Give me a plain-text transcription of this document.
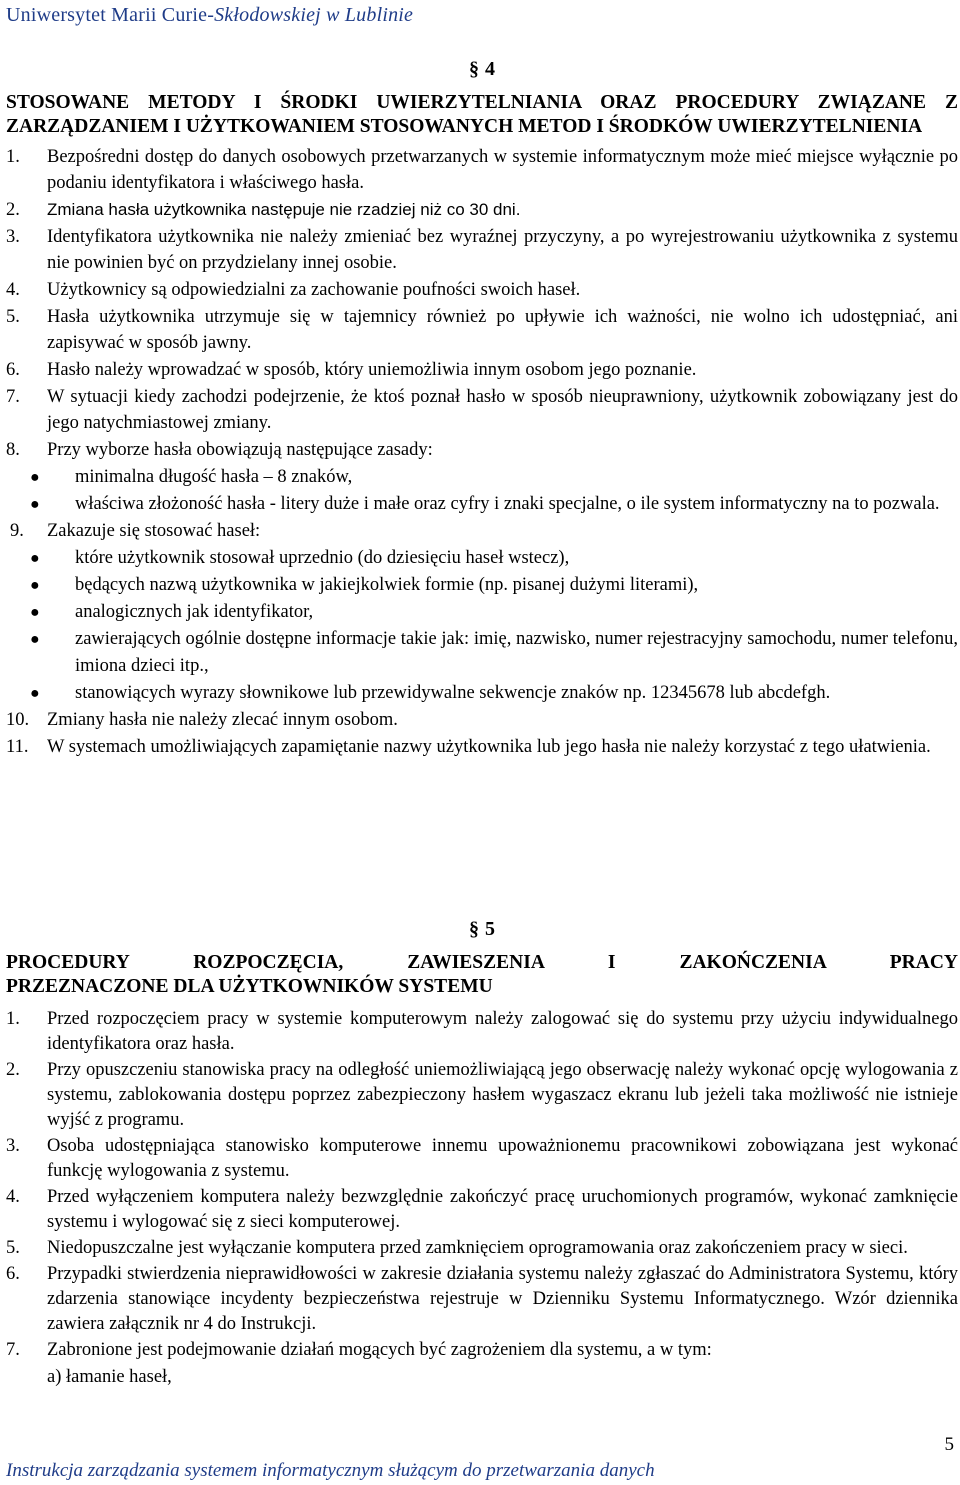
Uniwersytet Marii Curie-Skłodowskiej w Lublinie
§ 4
STOSOWANE METODY I ŚRODKI UWIERZYTELNIANIA ORAZ PROCEDURY ZWIĄZANE Z ZARZĄDZANIEM I UŻYTKOWANIEM STOSOWANYCH METOD I ŚRODKÓW UWIERZYTELNIENIA
1. Bezpośredni dostęp do danych osobowych przetwarzanych w systemie informatycznym może mieć miejsce wyłącznie po podaniu identyfikatora i właściwego hasła.
2. Zmiana hasła użytkownika następuje nie rzadziej niż co 30 dni.
3. Identyfikatora użytkownika nie należy zmieniać bez wyraźnej przyczyny, a po wyrejestrowaniu użytkownika z systemu nie powinien być on przydzielany innej osobie.
4. Użytkownicy są odpowiedzialni za zachowanie poufności swoich haseł.
5. Hasła użytkownika utrzymuje się w tajemnicy również po upływie ich ważności, nie wolno ich udostępniać, ani zapisywać w sposób jawny.
6. Hasło należy wprowadzać w sposób, który uniemożliwia innym osobom jego poznanie.
7. W sytuacji kiedy zachodzi podejrzenie, że ktoś poznał hasło w sposób nieuprawniony, użytkownik zobowiązany jest do jego natychmiastowej zmiany.
8. Przy wyborze hasła obowiązują następujące zasady:
● minimalna długość hasła – 8 znaków,
● właściwa złożoność hasła - litery duże i małe oraz cyfry i znaki specjalne, o ile system informatyczny na to pozwala.
9. Zakazuje się stosować haseł:
● które użytkownik stosował uprzednio (do dziesięciu haseł wstecz),
● będących nazwą użytkownika w jakiejkolwiek formie (np. pisanej dużymi literami),
● analogicznych jak identyfikator,
● zawierających ogólnie dostępne informacje takie jak: imię, nazwisko, numer rejestracyjny samochodu, numer telefonu, imiona dzieci itp.,
● stanowiących wyrazy słownikowe lub przewidywalne sekwencje znaków np. 12345678 lub abcdefgh.
10. Zmiany hasła nie należy zlecać innym osobom.
11. W systemach umożliwiających zapamiętanie nazwy użytkownika lub jego hasła nie należy korzystać z tego ułatwienia.
§ 5
PROCEDURY ROZPOCZĘCIA, ZAWIESZENIA I ZAKOŃCZENIA PRACY
PRZEZNACZONE DLA UŻYTKOWNIKÓW SYSTEMU
1. Przed rozpoczęciem pracy w systemie komputerowym należy zalogować się do systemu przy użyciu indywidualnego identyfikatora oraz hasła.
2. Przy opuszczeniu stanowiska pracy na odległość uniemożliwiającą jego obserwację należy wykonać opcję wylogowania z systemu, zablokowania dostępu poprzez zabezpieczony hasłem wygaszacz ekranu lub jeżeli taka możliwość nie istnieje wyjść z programu.
3. Osoba udostępniająca stanowisko komputerowe innemu upoważnionemu pracownikowi zobowiązana jest wykonać funkcję wylogowania z systemu.
4. Przed wyłączeniem komputera należy bezwzględnie zakończyć pracę uruchomionych programów, wykonać zamknięcie systemu i wylogować się z sieci komputerowej.
5. Niedopuszczalne jest wyłączanie komputera przed zamknięciem oprogramowania oraz zakończeniem pracy w sieci.
6. Przypadki stwierdzenia nieprawidłowości w zakresie działania systemu należy zgłaszać do Administratora Systemu, który zdarzenia stanowiące incydenty bezpieczeństwa rejestruje w Dzienniku Systemu Informatycznego. Wzór dziennika zawiera załącznik nr 4 do Instrukcji.
7. Zabronione jest podejmowanie działań mogących być zagrożeniem dla systemu, a w tym:
a) łamanie haseł,
5
Instrukcja zarządzania systemem informatycznym służącym do przetwarzania danych
